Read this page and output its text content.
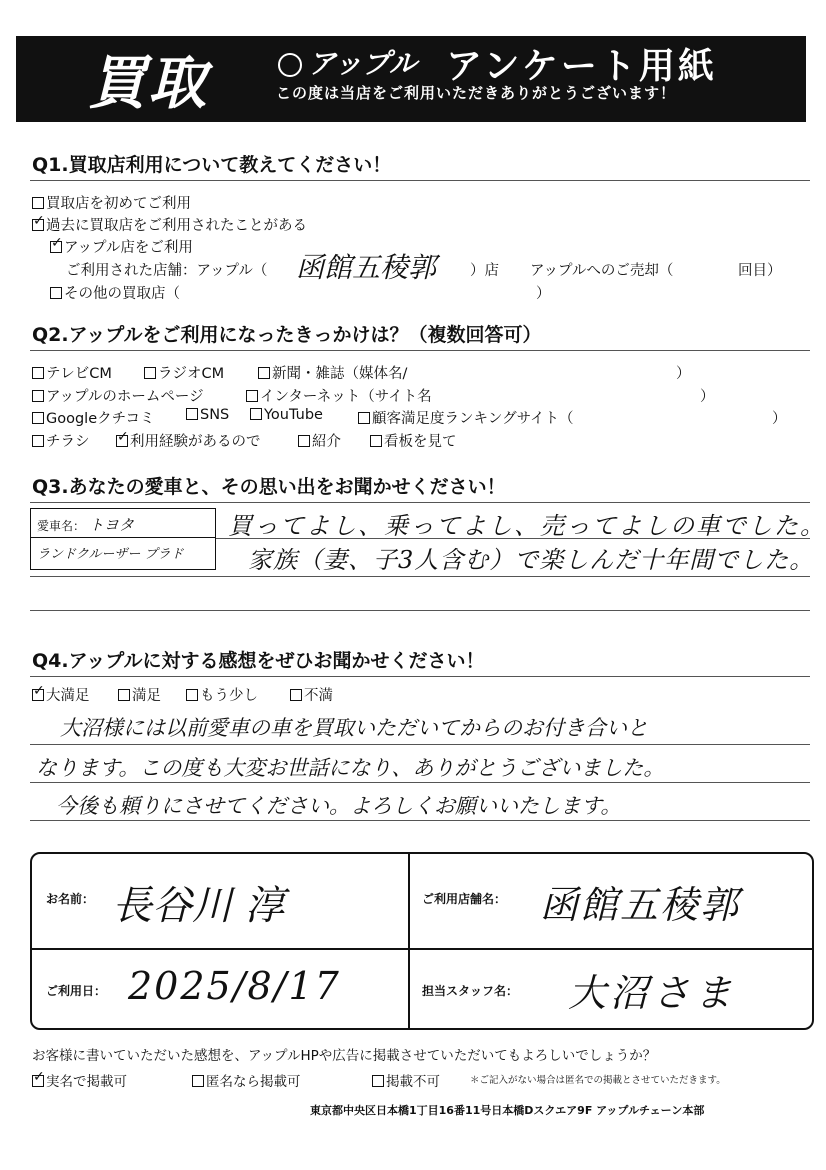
買取	アップル アンケート用紙
この度は当店をご利用いただきありがとうございます！
Q1.買取店利用について教えてください！
買取店を初めてご利用
✓過去に買取店をご利用されたことがある
✓アップル店をご利用
ご利用された店舗：アップル（ 函館五稜郭 ）店 アップルへのご売却（	回目）
その他の買取店（	）
Q2.アップルをご利用になったきっかけは？（複数回答可）
テレビCM	ラジオCM	新聞・雑誌（媒体名/	）
アップルのホームページ	インターネット（サイト名	）
Googleクチコミ	SNS	YouTube	顧客満足度ランキングサイト（	）
チラシ
✓	利用経験があるので	紹介	看板を見て
Q3.あなたの愛車と、その思い出をお聞かせください！
愛車名： トヨタ
ランドクルーザー プラド
買ってよし、乗ってよし、売ってよしの車でした。
家族（妻、子3人含む）で楽しんだ十年間でした。
Q4.アップルに対する感想をぜひお聞かせください！
✓大満足	満足	もう少し	不満
大沼様には以前愛車の車を買取いただいてからのお付き合いと
なります。この度も大変お世話になり、ありがとうございました。
今後も頼りにさせてください。よろしくお願いいたします。
お名前： 長谷川 淳	ご利用店舗名： 函館五稜郭
ご利用日： 2025/8/17	担当スタッフ名： 大沼さま
お客様に書いていただいた感想を、アップルHPや広告に掲載させていただいてもよろしいでしょうか？
✓実名で掲載可	匿名なら掲載可	掲載不可	＊ご記入がない場合は匿名での掲載とさせていただきます。
東京都中央区日本橋1丁目16番11号日本橋Dスクエア9F アップルチェーン本部
